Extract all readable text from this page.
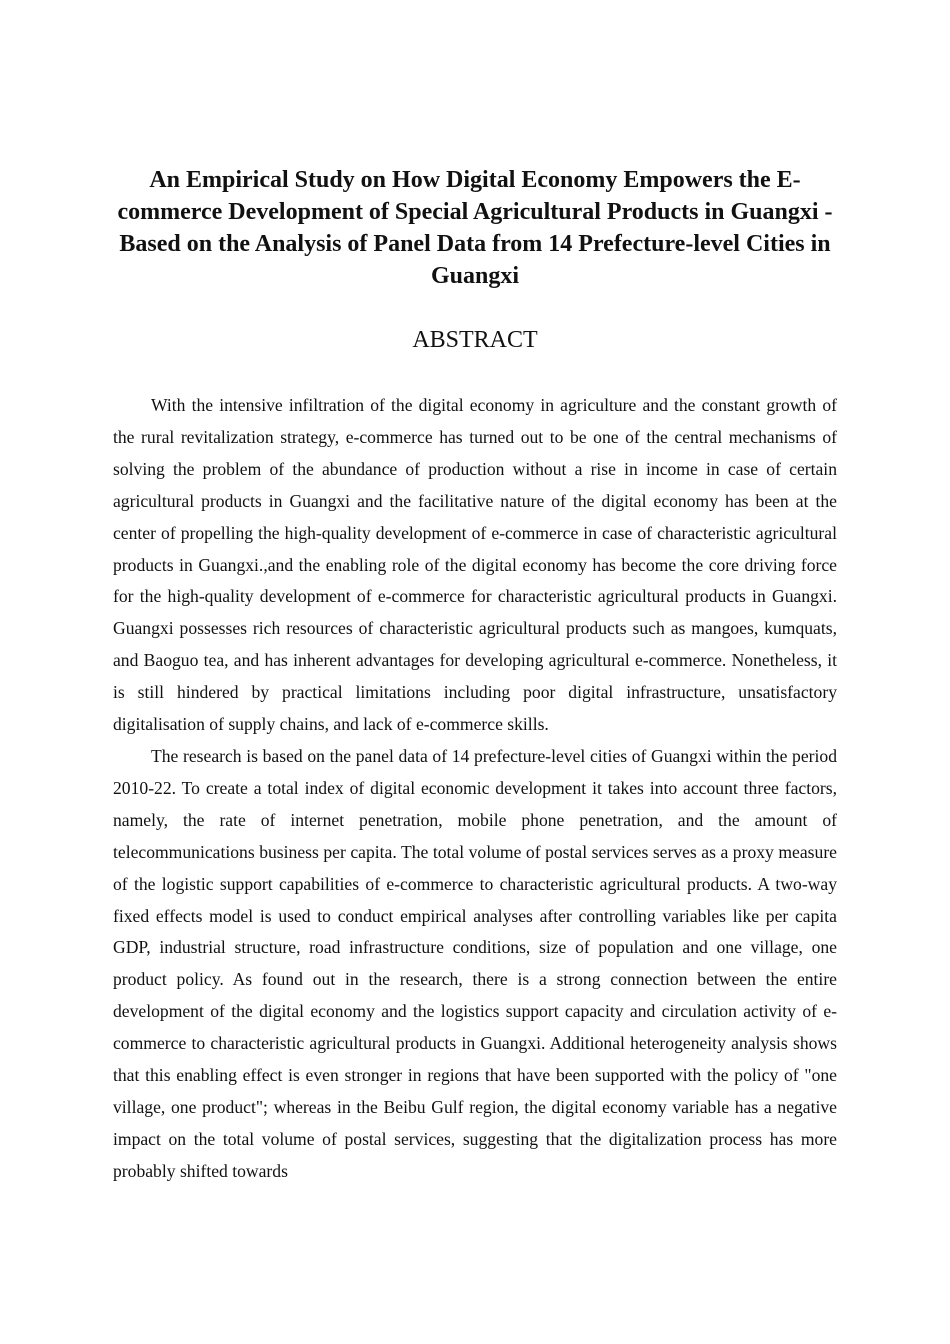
An Empirical Study on How Digital Economy Empowers the E-commerce Development of Special Agricultural Products in Guangxi - Based on the Analysis of Panel Data from 14 Prefecture-level Cities in Guangxi
ABSTRACT

With the intensive infiltration of the digital economy in agriculture and the constant growth of the rural revitalization strategy, e-commerce has turned out to be one of the central mechanisms of solving the problem of the abundance of production without a rise in income in case of certain agricultural products in Guangxi and the facilitative nature of the digital economy has been at the center of propelling the high-quality development of e-commerce in case of characteristic agricultural products in Guangxi.,and the enabling role of the digital economy has become the core driving force for the high-quality development of e-commerce for characteristic agricultural products in Guangxi. Guangxi possesses rich resources of characteristic agricultural products such as mangoes, kumquats, and Baoguo tea, and has inherent advantages for developing agricultural e-commerce. Nonetheless, it is still hindered by practical limitations including poor digital infrastructure, unsatisfactory digitalisation of supply chains, and lack of e-commerce skills.

The research is based on the panel data of 14 prefecture-level cities of Guangxi within the period 2010-22. To create a total index of digital economic development it takes into account three factors, namely, the rate of internet penetration, mobile phone penetration, and the amount of telecommunications business per capita. The total volume of postal services serves as a proxy measure of the logistic support capabilities of e-commerce to characteristic agricultural products. A two-way fixed effects model is used to conduct empirical analyses after controlling variables like per capita GDP, industrial structure, road infrastructure conditions, size of population and one village, one product policy. As found out in the research, there is a strong connection between the entire development of the digital economy and the logistics support capacity and circulation activity of e-commerce to characteristic agricultural products in Guangxi. Additional heterogeneity analysis shows that this enabling effect is even stronger in regions that have been supported with the policy of "one village, one product"; whereas in the Beibu Gulf region, the digital economy variable has a negative impact on the total volume of postal services, suggesting that the digitalization process has more probably shifted towards
